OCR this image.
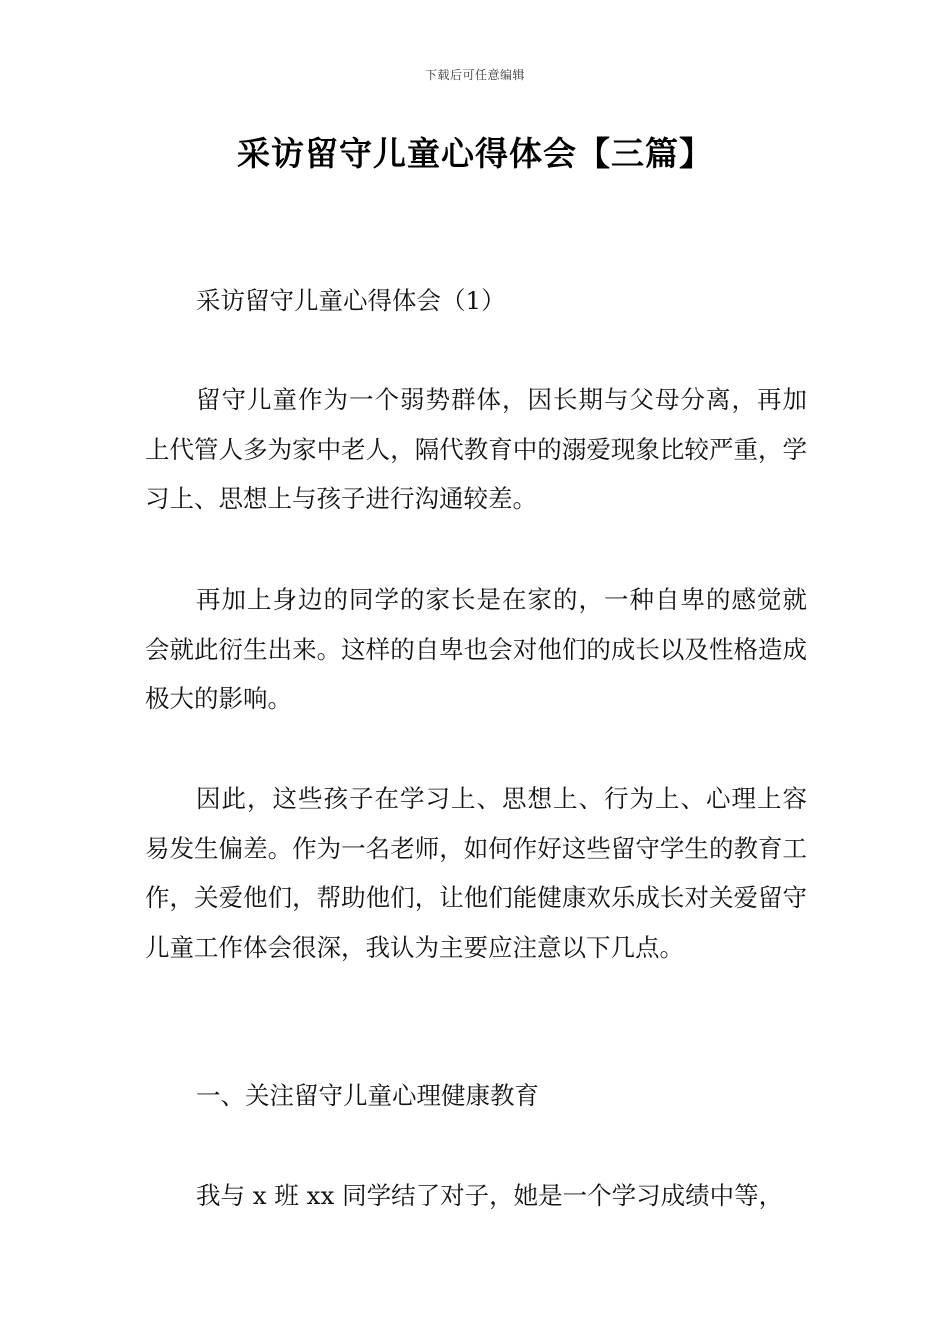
下载后可任意编辑
采访留守儿童心得体会【三篇】

采访留守儿童心得体会（1）

留守儿童作为一个弱势群体，因长期与父母分离，再加上代管人多为家中老人，隔代教育中的溺爱现象比较严重，学习上、思想上与孩子进行沟通较差。

再加上身边的同学的家长是在家的，一种自卑的感觉就会就此衍生出来。这样的自卑也会对他们的成长以及性格造成极大的影响。

因此，这些孩子在学习上、思想上、行为上、心理上容易发生偏差。作为一名老师，如何作好这些留守学生的教育工作，关爱他们，帮助他们，让他们能健康欢乐成长对关爱留守儿童工作体会很深，我认为主要应注意以下几点。

一、关注留守儿童心理健康教育

我与 x 班 xx 同学结了对子，她是一个学习成绩中等，
